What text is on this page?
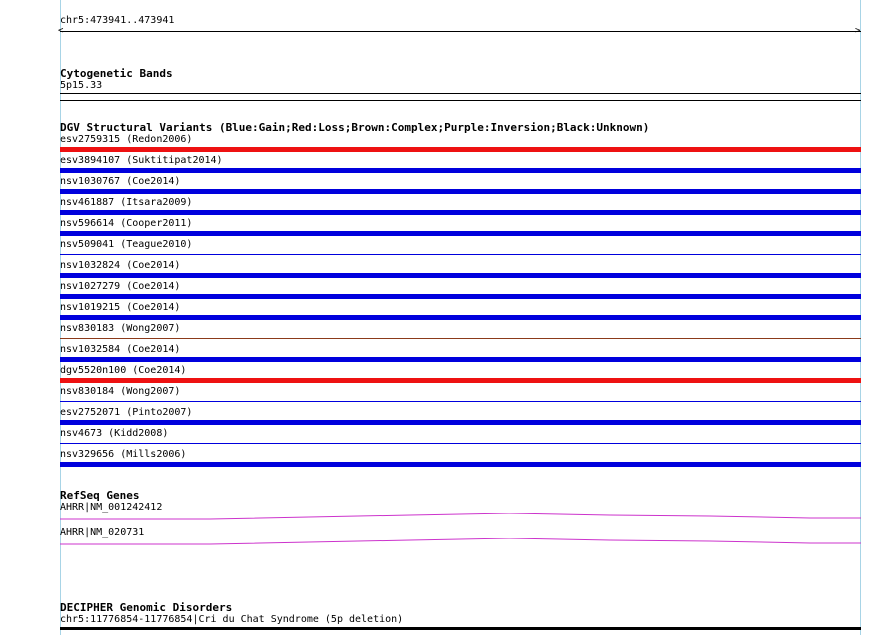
chr5:473941..473941
<	>
Cytogenetic Bands
5p15.33
DGV Structural Variants (Blue:Gain;Red:Loss;Brown:Complex;Purple:Inversion;Black:Unknown)
esv2759315 (Redon2006)
esv3894107 (Suktitipat2014)
nsv1030767 (Coe2014)
nsv461887 (Itsara2009)
nsv596614 (Cooper2011)
nsv509041 (Teague2010)
nsv1032824 (Coe2014)
nsv1027279 (Coe2014)
nsv1019215 (Coe2014)
nsv830183 (Wong2007)
nsv1032584 (Coe2014)
dgv5520n100 (Coe2014)
nsv830184 (Wong2007)
esv2752071 (Pinto2007)
nsv4673 (Kidd2008)
nsv329656 (Mills2006)
RefSeq Genes
AHRR|NM_001242412
AHRR|NM_020731
DECIPHER Genomic Disorders
chr5:11776854-11776854|Cri du Chat Syndrome (5p deletion)
